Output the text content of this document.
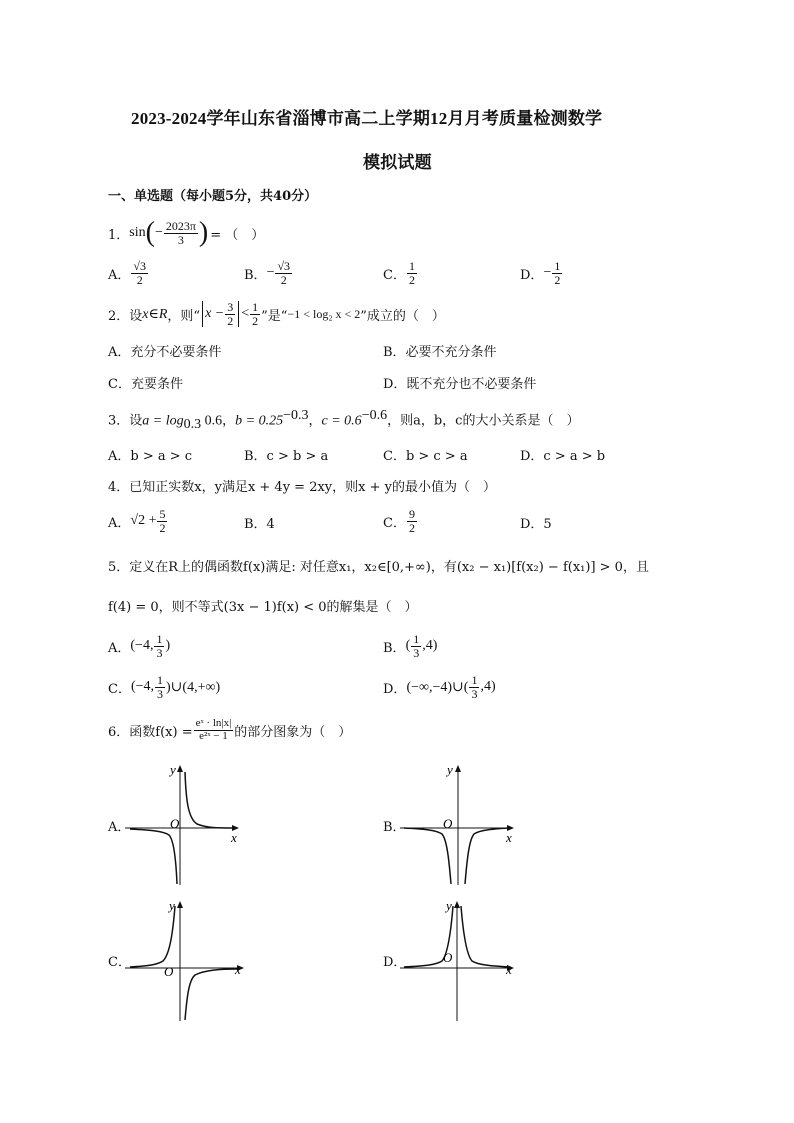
2023-2024学年山东省淄博市高二上学期12月月考质量检测数学
模拟试题
一、单选题（每小题5分，共40分）
1． sin ( − $\frac{2023\pi}{3}$ ) = （　）
A． $\frac{√3}{2}$	B． − $\frac{√3}{2}$	C． $\frac{1}{2}$	D． − $\frac{1}{2}$
2．设 x∈R ，则“ $x - \frac{3}{2} < \frac{1}{2}$ ”是“ −1 < log₂ x < 2 ”成立的（　）
A．充分不必要条件	B．必要不充分条件
C．充要条件	D．既不充分也不必要条件
3．设$a = \log_{0.3} 0.6$，$b = 0.25^{-0.3}$，$c = 0.6^{-0.6}$，则a，b，c的大小关系是（　）
A．b > a > c	B．c > b > a	C．b > c > a	D．c > a > b
4．已知正实数x，y满足x + 4y = 2xy，则x + y的最小值为（　）
A． $√2 + \frac{5}{2}$	B．4	C． $\frac{9}{2}$	D．5
5．定义在R上的偶函数f(x)满足: 对任意x₁，x₂∈[0,+∞)，有(x₂ − x₁)[f(x₂) − f(x₁)] > 0，且
f(4) = 0，则不等式(3x − 1)f(x) < 0的解集是（　）
A． (−4, $\frac{1}{3}$ )	B． ( $\frac{1}{3} ,4$)
C． (−4, $\frac{1}{3}$ )∪(4,+∞)	D． (−∞,−4)∪( $\frac{1}{3} ,4$)
6．函数$f(x) = \frac{\text{eˣ · ln|x|}}{\text{e²ˣ − 1}}$ 的部分图象为（　）
A．	B．
C．	D．
O
x
y
O
x
y
O	x
y
O
x
y
